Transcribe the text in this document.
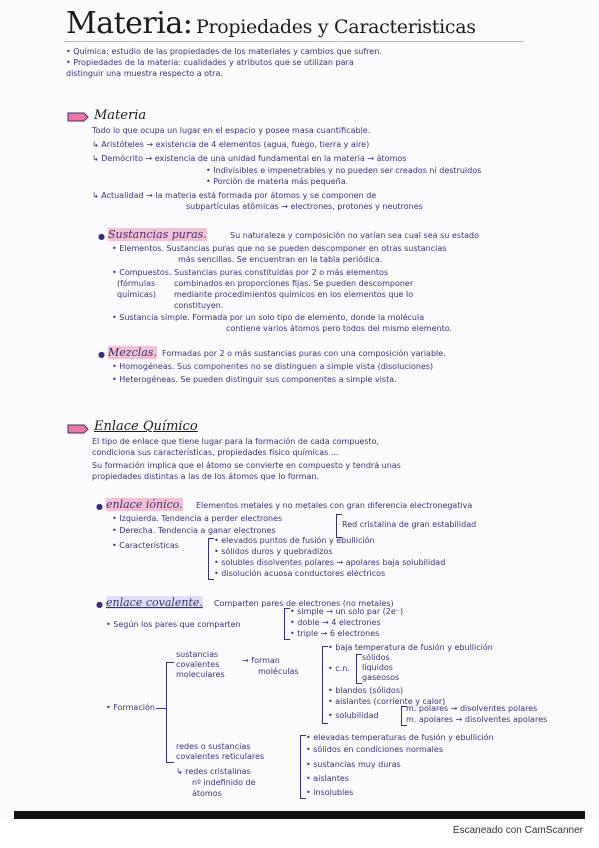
Materia: Propiedades y Caracteristicas
• Química: estudio de las propiedades de los materiales y cambios que sufren.
• Propiedades de la materia: cualidades y atributos que se utilizan para
distinguir una muestra respecto a otra.
Materia
Todo lo que ocupa un lugar en el espacio y posee masa cuantificable.
↳ Aristóteles → existencia de 4 elementos (agua, fuego, tierra y aire)
↳ Demócrito → existencia de una unidad fundamental en la materia → átomos
• Indivisibles e impenetrables y no pueden ser creados ni destruidos
• Porción de materia más pequeña.
↳ Actualidad → la materia está formada por átomos y se componen de
subpartículas atómicas → electrones, protones y neutrones
● Sustancias puras.	Su naturaleza y composición no varían sea cual sea su estado
• Elementos. Sustancias puras que no se pueden descomponer en otras sustancias
más sencillas. Se encuentran en la tabla periódica.
• Compuestos. Sustancias puras constituidas por 2 o más elementos
(fórmulas
químicas)
combinados en proporciones fijas. Se pueden descomponer
mediante procedimientos químicos en los elementos que lo
constituyen.
• Sustancia simple. Formada por un solo tipo de elemento, donde la molécula
contiene varios átomos pero todos del mismo elemento.
● Mezclas. Formadas por 2 o más sustancias puras con una composición variable.
• Homogéneas. Sus componentes no se distinguen a simple vista (disoluciones)
• Heterogéneas. Se pueden distinguir sus componentes a simple vista.
Enlace Químico
El tipo de enlace que tiene lugar para la formación de cada compuesto,
condiciona sus características, propiedades físico químicas ...
Su formación implica que el átomo se convierte en compuesto y tendrá unas
propiedades distintas a las de los átomos que lo forman.
● enlace iónico. Elementos metales y no metales con gran diferencia electronegativa
• Izquierda. Tendencia a perder electrones
• Derecha. Tendencia a ganar electrones
Red cristalina de gran estabilidad
• Características
• elevados puntos de fusión y ebullición
• sólidos duros y quebradizos
• solubles disolventes polares → apolares baja solubilidad
• disolución acuosa conductores eléctricos
● enlace covalente. Comparten pares de electrones (no metales)
• Según los pares que comparten
• simple → un solo par (2e⁻)
• doble → 4 electrones
• triple → 6 electrones
• Formación
sustancias
covalentes
moleculares
→ forman
moléculas
• baja temperatura de fusión y ebullición
• c.n.
sólidos
líquidos
gaseosos
• blandos (sólidos)
• aislantes (corriente y calor)
• solubilidad
m. polares → disolventes polares
m. apolares → disolventes apolares
redes o sustancias
covalentes reticulares
↳ redes cristalinas
nº indefinido de
átomos
• elevadas temperaturas de fusión y ebullición
• sólidos en condiciones normales
• sustancias muy duras
• aislantes
• insolubles
Escaneado con CamScanner
